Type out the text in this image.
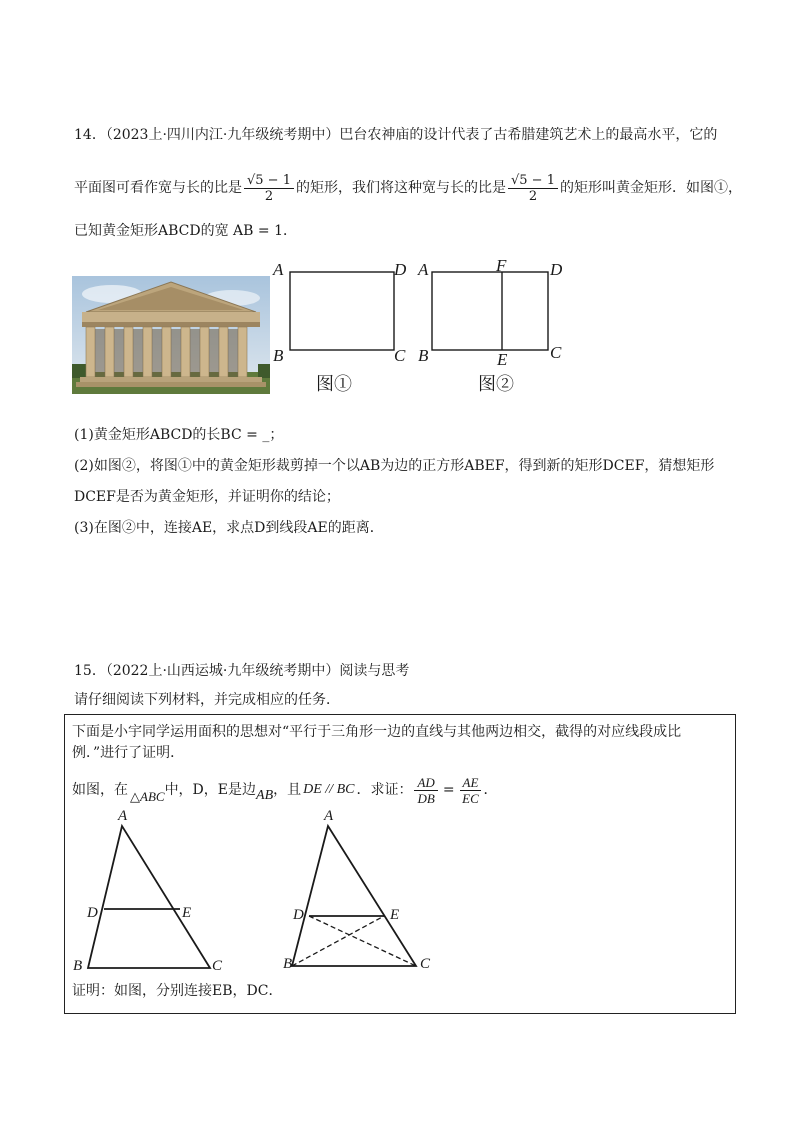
14．（2023上·四川内江·九年级统考期中）巴台农神庙的设计代表了古希腊建筑艺术上的最高水平，它的
平面图可看作宽与长的比是 $\frac{√5 - 1}{2}$ 的矩形，我们将这种宽与长的比是 $\frac{√5 - 1}{2}$ 的矩形叫黄金矩形．如图①，
已知黄金矩形ABCD的宽 AB = 1．
A	D
B	C
图①
A	F	D
B	E	C
图②
(1)黄金矩形ABCD的长BC = _；
(2)如图②，将图①中的黄金矩形裁剪掉一个以AB为边的正方形ABEF，得到新的矩形DCEF，猜想矩形
DCEF是否为黄金矩形，并证明你的结论；
(3)在图②中，连接AE，求点D到线段AE的距离．
15．（2022上·山西运城·九年级统考期中）阅读与思考
请仔细阅读下列材料，并完成相应的任务．
下面是小宇同学运用面积的思想对“平行于三角形一边的直线与其他两边相交，截得的对应线段成比
例．”进行了证明．
如图，在 △ABC 中，D，E是边 AB ，且 DE // BC ．求证： $\frac{AD}{DB} = \frac{AE}{EC}$ ．
A
D	E
B	C
A
D	E
B	C
证明：如图，分别连接EB，DC．
